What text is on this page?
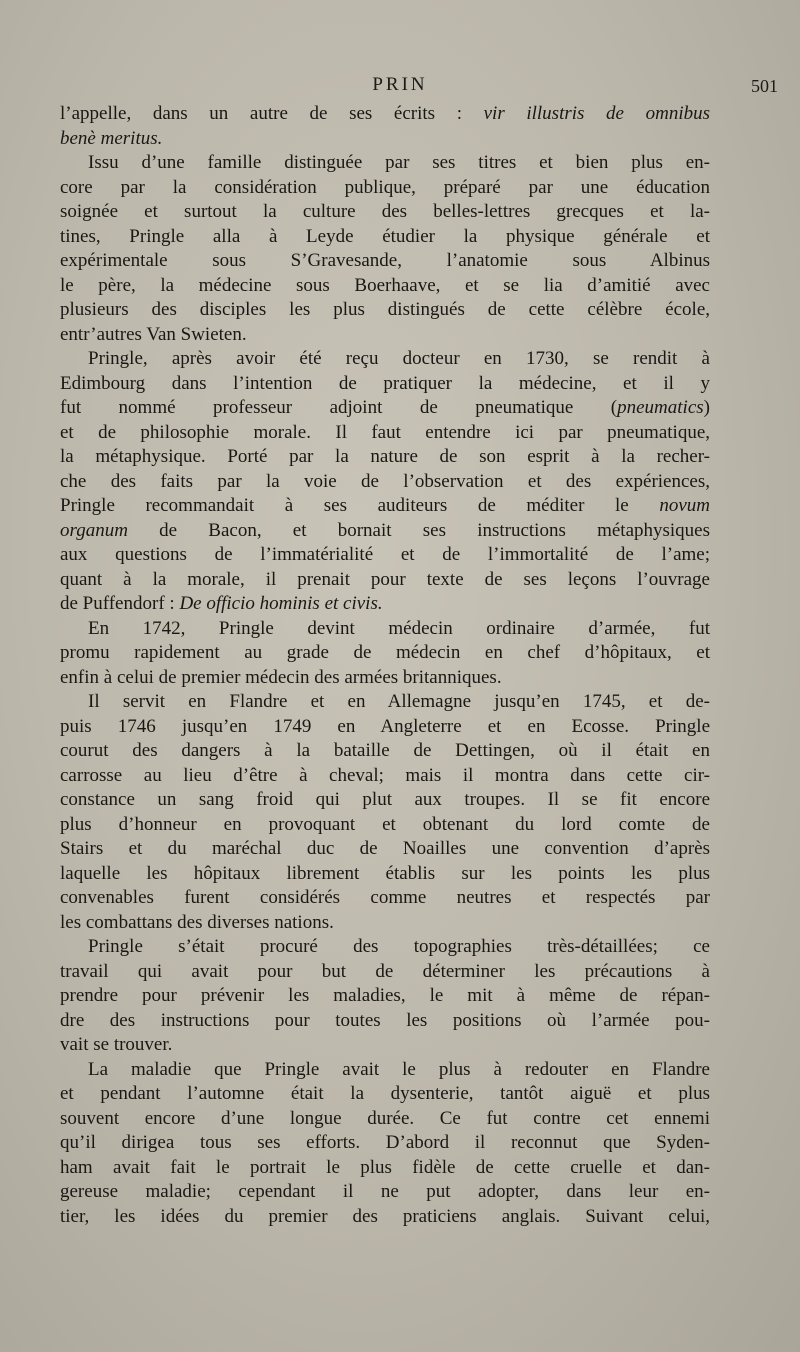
PRIN	501
l’appelle, dans un autre de ses écrits : vir illustris de omnibus
benè meritus.
Issu d’une famille distinguée par ses titres et bien plus en-
core par la considération publique, préparé par une éducation
soignée et surtout la culture des belles-lettres grecques et la-
tines, Pringle alla à Leyde étudier la physique générale et
expérimentale sous S’Gravesande, l’anatomie sous Albinus
le père, la médecine sous Boerhaave, et se lia d’amitié avec
plusieurs des disciples les plus distingués de cette célèbre école,
entr’autres Van Swieten.
Pringle, après avoir été reçu docteur en 1730, se rendit à
Edimbourg dans l’intention de pratiquer la médecine, et il y
fut nommé professeur adjoint de pneumatique (pneumatics)
et de philosophie morale. Il faut entendre ici par pneumatique,
la métaphysique. Porté par la nature de son esprit à la recher-
che des faits par la voie de l’observation et des expériences,
Pringle recommandait à ses auditeurs de méditer le novum
organum de Bacon, et bornait ses instructions métaphysiques
aux questions de l’immatérialité et de l’immortalité de l’ame;
quant à la morale, il prenait pour texte de ses leçons l’ouvrage
de Puffendorf : De officio hominis et civis.
En 1742, Pringle devint médecin ordinaire d’armée, fut
promu rapidement au grade de médecin en chef d’hôpitaux, et
enfin à celui de premier médecin des armées britanniques.
Il servit en Flandre et en Allemagne jusqu’en 1745, et de-
puis 1746 jusqu’en 1749 en Angleterre et en Ecosse. Pringle
courut des dangers à la bataille de Dettingen, où il était en
carrosse au lieu d’être à cheval; mais il montra dans cette cir-
constance un sang froid qui plut aux troupes. Il se fit encore
plus d’honneur en provoquant et obtenant du lord comte de
Stairs et du maréchal duc de Noailles une convention d’après
laquelle les hôpitaux librement établis sur les points les plus
convenables furent considérés comme neutres et respectés par
les combattans des diverses nations.
Pringle s’était procuré des topographies très-détaillées; ce
travail qui avait pour but de déterminer les précautions à
prendre pour prévenir les maladies, le mit à même de répan-
dre des instructions pour toutes les positions où l’armée pou-
vait se trouver.
La maladie que Pringle avait le plus à redouter en Flandre
et pendant l’automne était la dysenterie, tantôt aiguë et plus
souvent encore d’une longue durée. Ce fut contre cet ennemi
qu’il dirigea tous ses efforts. D’abord il reconnut que Syden-
ham avait fait le portrait le plus fidèle de cette cruelle et dan-
gereuse maladie; cependant il ne put adopter, dans leur en-
tier, les idées du premier des praticiens anglais. Suivant celui,
